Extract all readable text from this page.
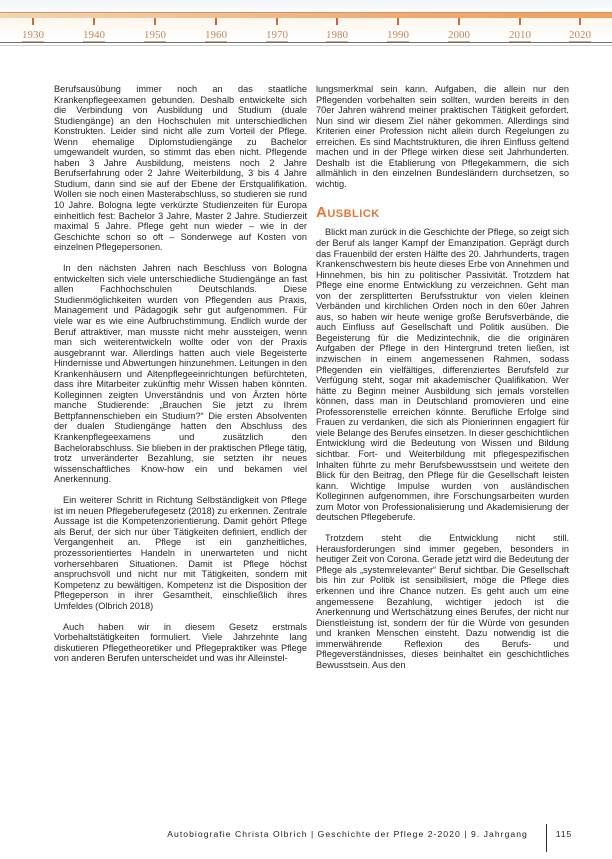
1930	1940	1950	1960	1970	1980	1990	2000	2010	2020

Berufsausübung immer noch an das staatliche Krankenpflegeexamen gebunden. Deshalb entwickelte sich die Verbindung von Ausbildung und Studium (duale Studiengänge) an den Hochschulen mit unterschiedlichen Konstrukten. Leider sind nicht alle zum Vorteil der Pflege. Wenn ehemalige Diplomstudiengänge zu Bachelor umgewandelt wurden, so stimmt das eben nicht. Pflegende haben 3 Jahre Ausbildung, meistens noch 2 Jahre Berufserfahrung oder 2 Jahre Weiterbildung, 3 bis 4 Jahre Studium, dann sind sie auf der Ebene der Erstqualifikation. Wollen sie noch einen Masterabschluss, so studieren sie rund 10 Jahre. Bologna legte verkürzte Studienzeiten für Europa einheitlich fest: Bachelor 3 Jahre, Master 2 Jahre. Studierzeit maximal 5 Jahre. Pflege geht nun wieder – wie in der Geschichte schon so oft – Sonderwege auf Kosten von einzelnen Pflegepersonen.

In den nächsten Jahren nach Beschluss von Bologna entwickelten sich viele unterschiedliche Studiengänge an fast allen Fachhochschulen Deutschlands. Diese Studienmöglichkeiten wurden von Pflegenden aus Praxis, Management und Pädagogik sehr gut aufgenommen. Für viele war es wie eine Aufbruchstimmung. Endlich wurde der Beruf attraktiver, man musste nicht mehr aussteigen, wenn man sich weiterentwickeln wollte oder von der Praxis ausgebrannt war. Allerdings hatten auch viele Begeisterte Hindernisse und Abwertungen hinzunehmen. Leitungen in den Krankenhäusern und Altenpflegeeinrichtungen befürchteten, dass ihre Mitarbeiter zukünftig mehr Wissen haben könnten. Kolleginnen zeigten Unverständnis und von Ärzten hörte manche Studierende: „Brauchen Sie jetzt zu Ihrem Bettpfannenschieben ein Studium?“ Die ersten Absolventen der dualen Studiengänge hatten den Abschluss des Krankenpflegeexamens und zusätzlich den Bachelorabschluss. Sie blieben in der praktischen Pflege tätig, trotz unveränderter Bezahlung, sie setzten ihr neues wissenschaftliches Know-how ein und bekamen viel Anerkennung.

Ein weiterer Schritt in Richtung Selbständigkeit von Pflege ist im neuen Pflegeberufegesetz (2018) zu erkennen. Zentrale Aussage ist die Kompetenzorientierung. Damit gehört Pflege als Beruf, der sich nur über Tätigkeiten definiert, endlich der Vergangenheit an. Pflege ist ein ganzheitliches, prozessorientiertes Handeln in unerwarteten und nicht vorhersehbaren Situationen. Damit ist Pflege höchst anspruchsvoll und nicht nur mit Tätigkeiten, sondern mit Kompetenz zu bewältigen. Kompetenz ist die Disposition der Pflegeperson in ihrer Gesamtheit, einschließlich ihres Umfeldes (Olbrich 2018)

Auch haben wir in diesem Gesetz erstmals Vorbehaltstätigkeiten formuliert. Viele Jahrzehnte lang diskutieren Pflegetheoretiker und Pflegepraktiker was Pflege von anderen Berufen unterscheidet und was ihr Alleinstel-

lungsmerkmal sein kann. Aufgaben, die allein nur den Pflegenden vorbehalten sein sollten, wurden bereits in den 70er Jahren während meiner praktischen Tätigkeit gefordert. Nun sind wir diesem Ziel näher gekommen. Allerdings sind Kriterien einer Profession nicht allein durch Regelungen zu erreichen. Es sind Machtstrukturen, die ihren Einfluss geltend machen und in der Pflege wirken diese seit Jahrhunderten. Deshalb ist die Etablierung von Pflegekammern, die sich allmählich in den einzelnen Bundesländern durchsetzen, so wichtig.

Ausblick

Blickt man zurück in die Geschichte der Pflege, so zeigt sich der Beruf als langer Kampf der Emanzipation. Geprägt durch das Frauenbild der ersten Hälfte des 20. Jahrhunderts, tragen Krankenschwestern bis heute dieses Erbe von Annehmen und Hinnehmen, bis hin zu politischer Passivität. Trotzdem hat Pflege eine enorme Entwicklung zu verzeichnen. Geht man von der zersplitterten Berufsstruktur von vielen kleinen Verbänden und kirchlichen Orden noch in den 60er Jahren aus, so haben wir heute wenige große Berufsverbände, die auch Einfluss auf Gesellschaft und Politik ausüben. Die Begeisterung für die Medizintechnik, die die originären Aufgaben der Pflege in den Hintergrund treten ließen, ist inzwischen in einem angemessenen Rahmen, sodass Pflegenden ein vielfältiges, differenziertes Berufsfeld zur Verfügung steht, sogar mit akademischer Qualifikation. Wer hätte zu Beginn meiner Ausbildung sich jemals vorstellen können, dass man in Deutschland promovieren und eine Professorenstelle erreichen könnte. Berufliche Erfolge sind Frauen zu verdanken, die sich als Pionierinnen engagiert für viele Belange des Berufes einsetzen. In dieser geschichtlichen Entwicklung wird die Bedeutung von Wissen und Bildung sichtbar. Fort- und Weiterbildung mit pflegespezifischen Inhalten führte zu mehr Berufsbewusstsein und weitete den Blick für den Beitrag, den Pflege für die Gesellschaft leisten kann. Wichtige Impulse wurden von ausländischen Kolleginnen aufgenommen, ihre Forschungsarbeiten wurden zum Motor von Professionalisierung und Akademisierung der deutschen Pflegeberufe.

Trotzdem steht die Entwicklung nicht still. Herausforderungen sind immer gegeben, besonders in heutiger Zeit von Corona. Gerade jetzt wird die Bedeutung der Pflege als „systemrelevanter“ Beruf sichtbar. Die Gesellschaft bis hin zur Politik ist sensibilisiert, möge die Pflege dies erkennen und ihre Chance nutzen. Es geht auch um eine angemessene Bezahlung, wichtiger jedoch ist die Anerkennung und Wertschätzung eines Berufes, der nicht nur Dienstleistung ist, sondern der für die Würde von gesunden und kranken Menschen einsteht. Dazu notwendig ist die immerwährende Reflexion des Berufs- und Pflegeverständnisses, dieses beinhaltet ein geschichtliches Bewusstsein. Aus den

Autobiografie Christa Olbrich | Geschichte der Pflege 2-2020 | 9. Jahrgang	115
